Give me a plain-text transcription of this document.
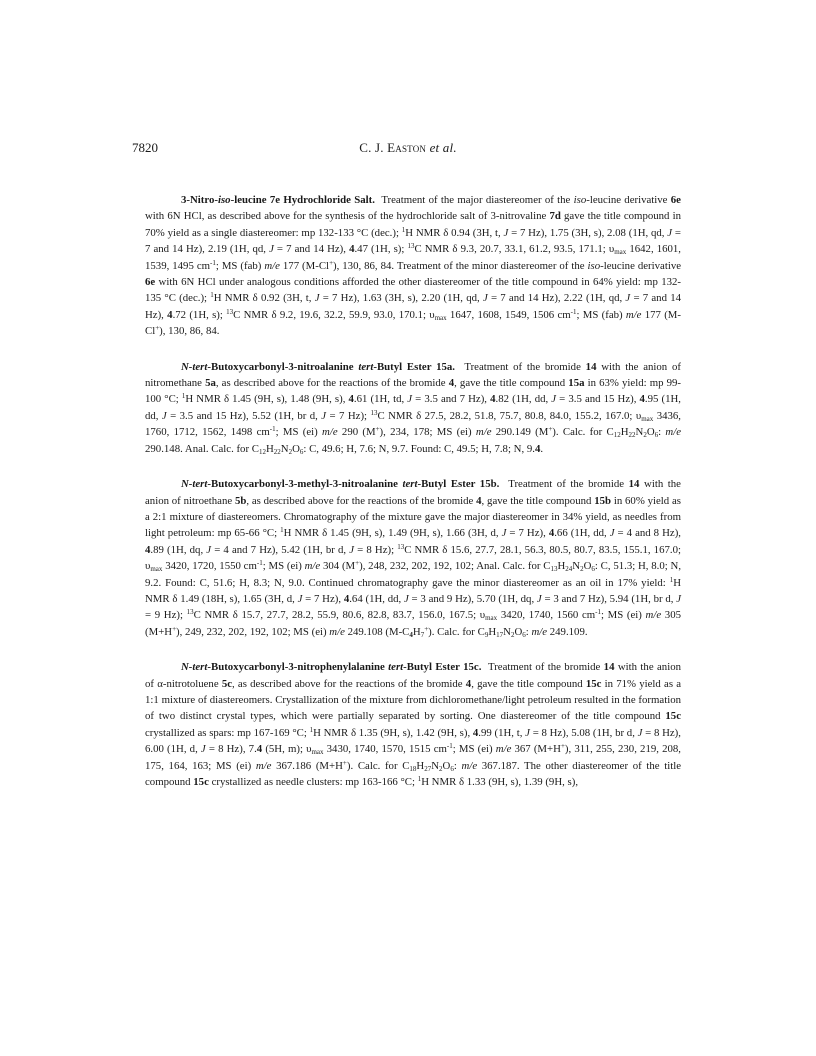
7820	C. J. Easton et al.

3-Nitro-iso-leucine 7e Hydrochloride Salt. Treatment of the major diastereomer of the iso-leucine derivative 6e with 6N HCl, as described above for the synthesis of the hydrochloride salt of 3-nitrovaline 7d gave the title compound in 70% yield as a single diastereomer: mp 132-133 °C (dec.); $^1$H NMR δ 0.94 (3H, t, J = 7 Hz), 1.75 (3H, s), 2.08 (1H, qd, J = 7 and 14 Hz), 2.19 (1H, qd, J = 7 and 14 Hz), 4.47 (1H, s); $^{13}$C NMR δ 9.3, 20.7, 33.1, 61.2, 93.5, 171.1; $\upsilon_{max}$ 1642, 1601, 1539, 1495 $cm^{-1}$; MS (fab) m/e 177 (M-Cl+), 130, 86, 84. Treatment of the minor diastereomer of the iso-leucine derivative 6e with 6N HCl under analogous conditions afforded the other diastereomer of the title compound in 64% yield: mp 132-135 °C (dec.); $^1$H NMR δ 0.92 (3H, t, J = 7 Hz), 1.63 (3H, s), 2.20 (1H, qd, J = 7 and 14 Hz), 2.22 (1H, qd, J = 7 and 14 Hz), 4.72 (1H, s); $^{13}$C NMR δ 9.2, 19.6, 32.2, 59.9, 93.0, 170.1; $\upsilon_{max}$ 1647, 1608, 1549, 1506 $cm^{-1}$; MS (fab) m/e 177 (M-Cl+), 130, 86, 84.

N-tert-Butoxycarbonyl-3-nitroalanine tert-Butyl Ester 15a. Treatment of the bromide 14 with the anion of nitromethane 5a, as described above for the reactions of the bromide 4, gave the title compound 15a in 63% yield: mp 99-100 °C; $^1$H NMR δ 1.45 (9H, s), 1.48 (9H, s), 4.61 (1H, td, J = 3.5 and 7 Hz), 4.82 (1H, dd, J = 3.5 and 15 Hz), 4.95 (1H, dd, J = 3.5 and 15 Hz), 5.52 (1H, br d, J = 7 Hz); $^{13}$C NMR δ 27.5, 28.2, 51.8, 75.7, 80.8, 84.0, 155.2, 167.0; $\upsilon_{max}$ 3436, 1760, 1712, 1562, 1498 $cm^{-1}$; MS (ei) m/e 290 (M+), 234, 178; MS (ei) m/e 290.149 (M+). Calc. for $C_{12}H_{22}N_2O_6$: m/e 290.148. Anal. Calc. for $C_{12}H_{22}N_2O_6$: C, 49.6; H, 7.6; N, 9.7. Found: C, 49.5; H, 7.8; N, 9.4.

N-tert-Butoxycarbonyl-3-methyl-3-nitroalanine tert-Butyl Ester 15b. Treatment of the bromide 14 with the anion of nitroethane 5b, as described above for the reactions of the bromide 4, gave the title compound 15b in 60% yield as a 2:1 mixture of diastereomers. Chromatography of the mixture gave the major diastereomer in 34% yield, as needles from light petroleum: mp 65-66 °C; $^1$H NMR δ 1.45 (9H, s), 1.49 (9H, s), 1.66 (3H, d, J = 7 Hz), 4.66 (1H, dd, J = 4 and 8 Hz), 4.89 (1H, dq, J = 4 and 7 Hz), 5.42 (1H, br d, J = 8 Hz); $^{13}$C NMR δ 15.6, 27.7, 28.1, 56.3, 80.5, 80.7, 83.5, 155.1, 167.0; $\upsilon_{max}$ 3420, 1720, 1550 $cm^{-1}$; MS (ei) m/e 304 (M+), 248, 232, 202, 192, 102; Anal. Calc. for $C_{13}H_{24}N_2O_6$: C, 51.3; H, 8.0; N, 9.2. Found: C, 51.6; H, 8.3; N, 9.0. Continued chromatography gave the minor diastereomer as an oil in 17% yield: $^1$H NMR δ 1.49 (18H, s), 1.65 (3H, d, J = 7 Hz), 4.64 (1H, dd, J = 3 and 9 Hz), 5.70 (1H, dq, J = 3 and 7 Hz), 5.94 (1H, br d, J = 9 Hz); $^{13}$C NMR δ 15.7, 27.7, 28.2, 55.9, 80.6, 82.8, 83.7, 156.0, 167.5; $\upsilon_{max}$ 3420, 1740, 1560 $cm^{-1}$; MS (ei) m/e 305 (M+H+), 249, 232, 202, 192, 102; MS (ei) m/e 249.108 $(M-C_4H_7^+)$. Calc. for $C_9H_{17}N_2O_6$: m/e 249.109.

N-tert-Butoxycarbonyl-3-nitrophenylalanine tert-Butyl Ester 15c. Treatment of the bromide 14 with the anion of α-nitrotoluene 5c, as described above for the reactions of the bromide 4, gave the title compound 15c in 71% yield as a 1:1 mixture of diastereomers. Crystallization of the mixture from dichloromethane/light petroleum resulted in the formation of two distinct crystal types, which were partially separated by sorting. One diastereomer of the title compound 15c crystallized as spars: mp 167-169 °C; $^1$H NMR δ 1.35 (9H, s), 1.42 (9H, s), 4.99 (1H, t, J = 8 Hz), 5.08 (1H, br d, J = 8 Hz), 6.00 (1H, d, J = 8 Hz), 7.4 (5H, m); $\upsilon_{max}$ 3430, 1740, 1570, 1515 $cm^{-1}$; MS (ei) m/e 367 (M+H+), 311, 255, 230, 219, 208, 175, 164, 163; MS (ei) m/e 367.186 (M+H+). Calc. for $C_{18}H_{27}N_2O_6$: m/e 367.187. The other diastereomer of the title compound 15c crystallized as needle clusters: mp 163-166 °C; $^1$H NMR δ 1.33 (9H, s), 1.39 (9H, s),
